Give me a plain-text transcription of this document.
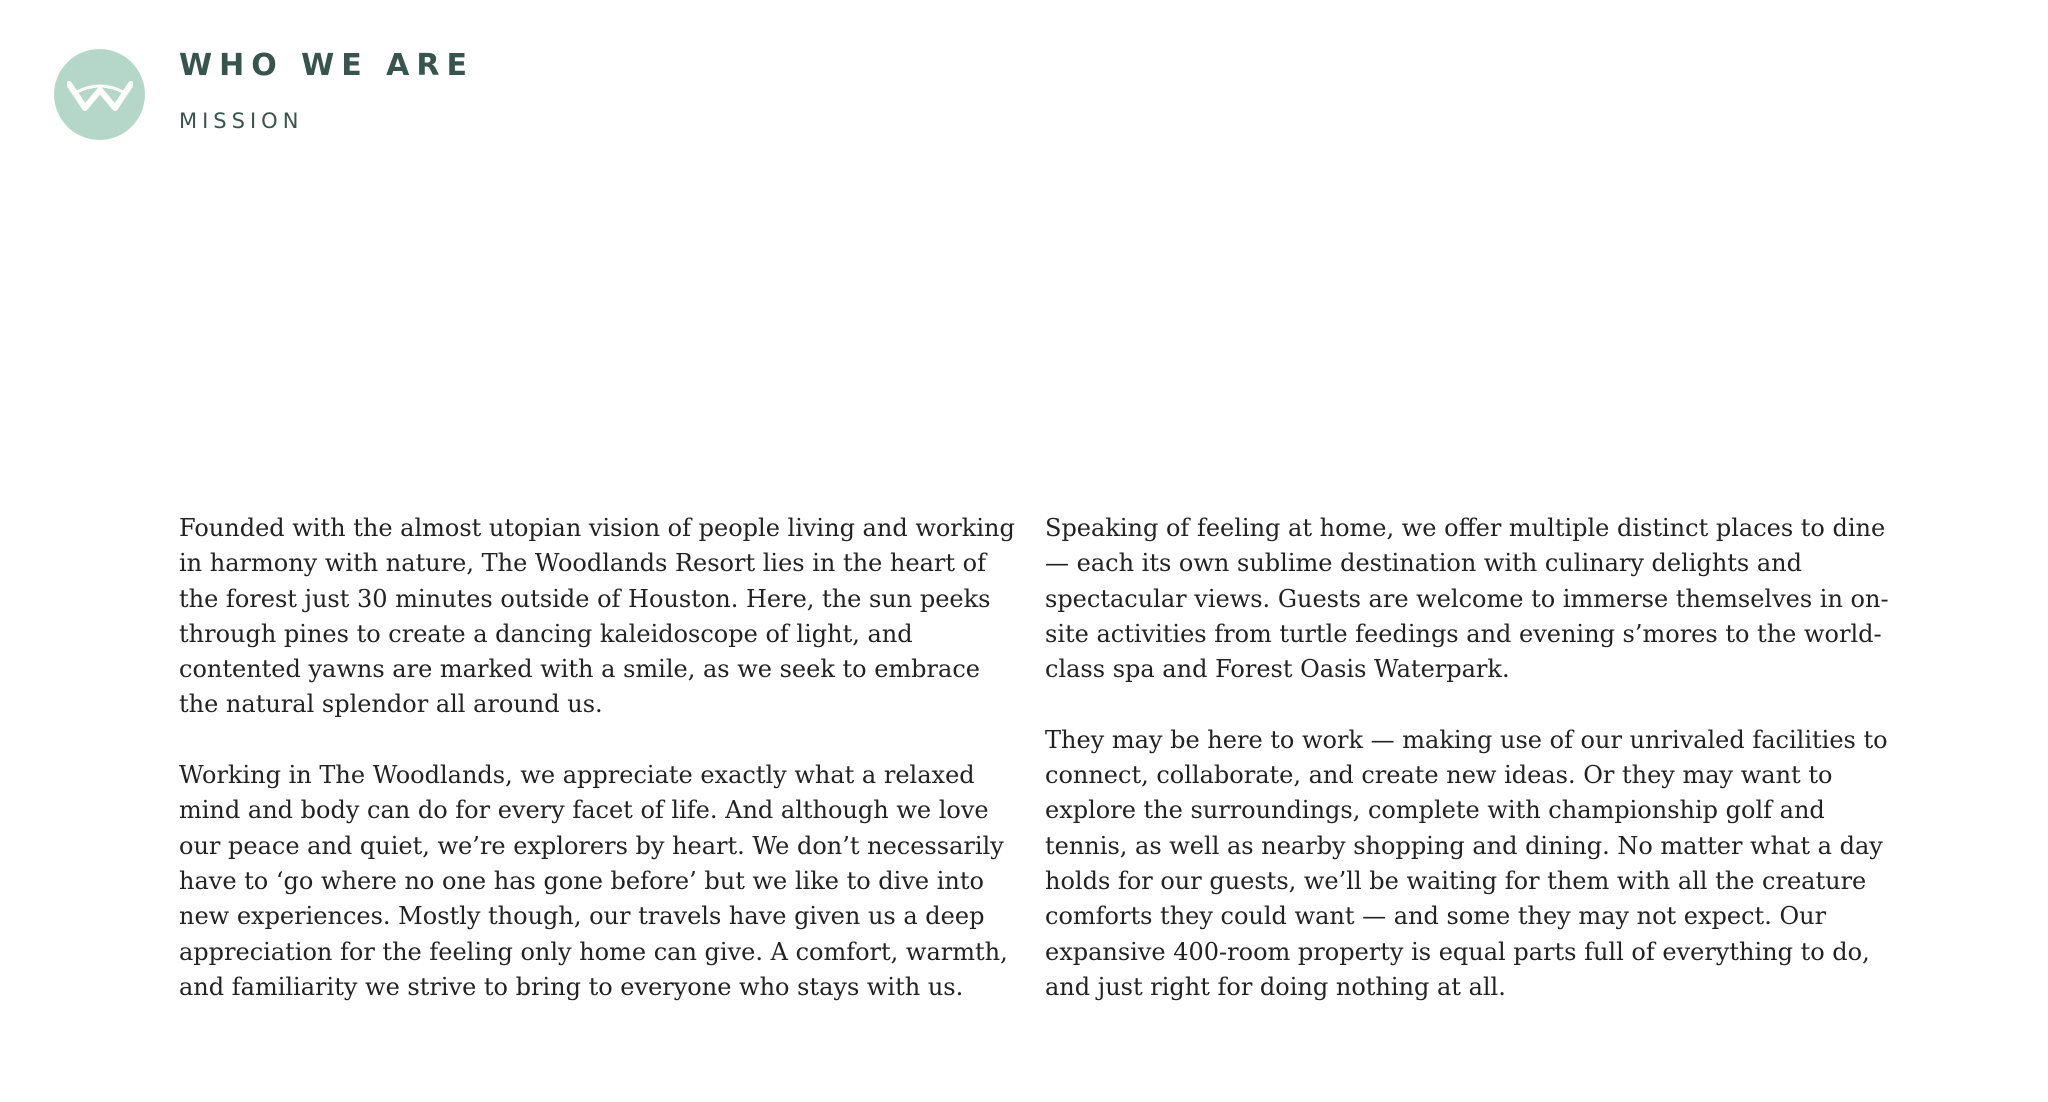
WHO WE ARE
MISSION

Founded with the almost utopian vision of people living and working in harmony with nature, The Woodlands Resort lies in the heart of the forest just 30 minutes outside of Houston. Here, the sun peeks through pines to create a dancing kaleidoscope of light, and contented yawns are marked with a smile, as we seek to embrace the natural splendor all around us.

Working in The Woodlands, we appreciate exactly what a relaxed mind and body can do for every facet of life. And although we love our peace and quiet, we’re explorers by heart. We don’t necessarily have to ‘go where no one has gone before’ but we like to dive into new experiences. Mostly though, our travels have given us a deep appreciation for the feeling only home can give. A comfort, warmth, and familiarity we strive to bring to everyone who stays with us.

Speaking of feeling at home, we offer multiple distinct places to dine — each its own sublime destination with culinary delights and spectacular views. Guests are welcome to immerse themselves in on-site activities from turtle feedings and evening s’mores to the world-class spa and Forest Oasis Waterpark.

They may be here to work — making use of our unrivaled facilities to connect, collaborate, and create new ideas. Or they may want to explore the surroundings, complete with championship golf and tennis, as well as nearby shopping and dining. No matter what a day holds for our guests, we’ll be waiting for them with all the creature comforts they could want — and some they may not expect. Our expansive 400-room property is equal parts full of everything to do, and just right for doing nothing at all.
